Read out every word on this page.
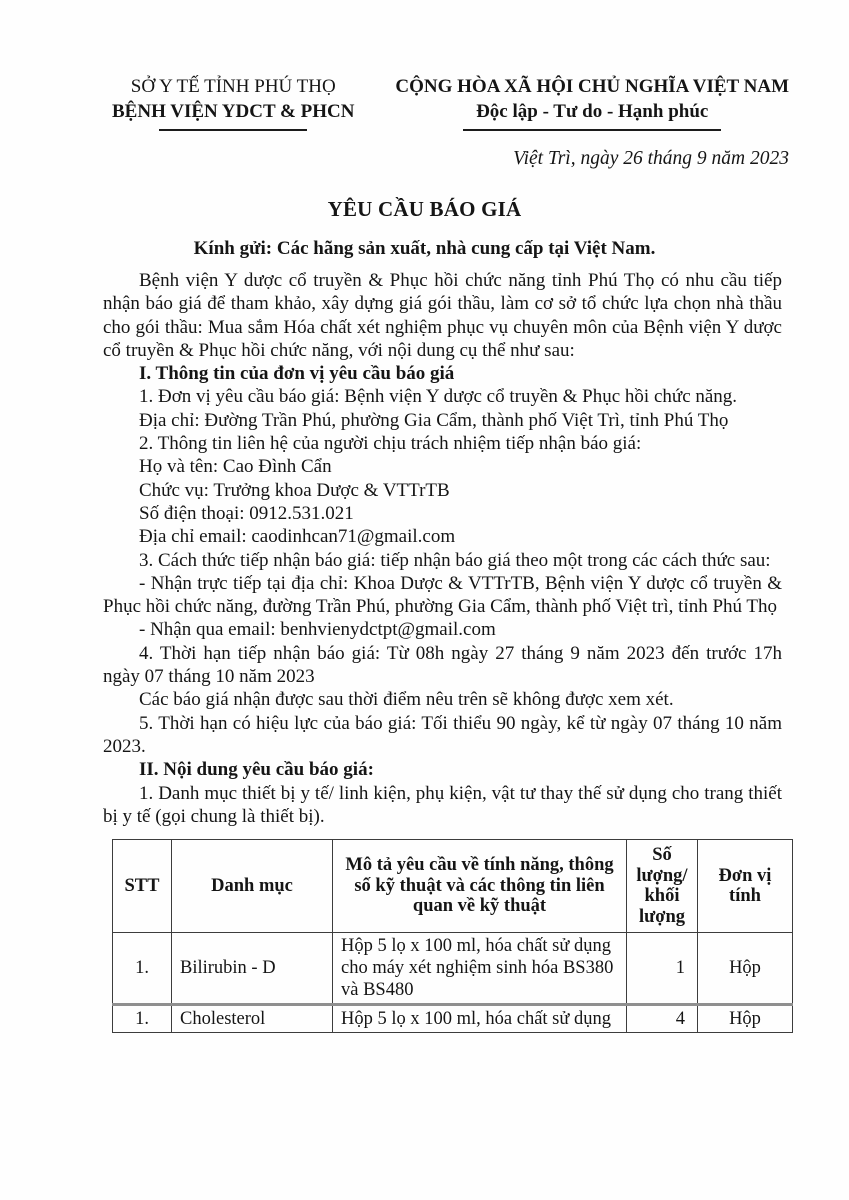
SỞ Y TẾ TỈNH PHÚ THỌ
BỆNH VIỆN YDCT & PHCN
CỘNG HÒA XÃ HỘI CHỦ NGHĨA VIỆT NAM
Độc lập - Tư do - Hạnh phúc
Việt Trì, ngày 26 tháng 9 năm 2023
YÊU CẦU BÁO GIÁ
Kính gửi: Các hãng sản xuất, nhà cung cấp tại Việt Nam.

Bệnh viện Y dược cổ truyền & Phục hồi chức năng tỉnh Phú Thọ có nhu cầu tiếp nhận báo giá để tham khảo, xây dựng giá gói thầu, làm cơ sở tổ chức lựa chọn nhà thầu cho gói thầu: Mua sắm Hóa chất xét nghiệm phục vụ chuyên môn của Bệnh viện Y dược cổ truyền & Phục hồi chức năng, với nội dung cụ thể như sau:

I. Thông tin của đơn vị yêu cầu báo giá

1. Đơn vị yêu cầu báo giá: Bệnh viện Y dược cổ truyền & Phục hồi chức năng.

Địa chỉ: Đường Trần Phú, phường Gia Cẩm, thành phố Việt Trì, tỉnh Phú Thọ

2. Thông tin liên hệ của người chịu trách nhiệm tiếp nhận báo giá:

Họ và tên: Cao Đình Cẩn

Chức vụ: Trưởng khoa Dược & VTTrTB

Số điện thoại: 0912.531.021

Địa chỉ email: caodinhcan71@gmail.com

3. Cách thức tiếp nhận báo giá: tiếp nhận báo giá theo một trong các cách thức sau:

- Nhận trực tiếp tại địa chỉ: Khoa Dược & VTTrTB, Bệnh viện Y dược cổ truyền & Phục hồi chức năng, đường Trần Phú, phường Gia Cẩm, thành phố Việt trì, tỉnh Phú Thọ

- Nhận qua email: benhvienydctpt@gmail.com

4. Thời hạn tiếp nhận báo giá: Từ 08h ngày 27 tháng 9 năm 2023 đến trước 17h ngày 07 tháng 10 năm 2023

Các báo giá nhận được sau thời điểm nêu trên sẽ không được xem xét.

5. Thời hạn có hiệu lực của báo giá: Tối thiểu 90 ngày, kể từ ngày 07 tháng 10 năm 2023.

II. Nội dung yêu cầu báo giá:

1. Danh mục thiết bị y tế/ linh kiện, phụ kiện, vật tư thay thế sử dụng cho trang thiết bị y tế (gọi chung là thiết bị).

STT	Danh mục	Mô tả yêu cầu về tính năng, thông số kỹ thuật và các thông tin liên quan về kỹ thuật	Số lượng/ khối lượng	Đơn vị tính
1.	Bilirubin - D	Hộp 5 lọ x 100 ml, hóa chất sử dụng cho máy xét nghiệm sinh hóa BS380 và BS480	1	Hộp
1.	Cholesterol	Hộp 5 lọ x 100 ml, hóa chất sử dụng	4	Hộp
